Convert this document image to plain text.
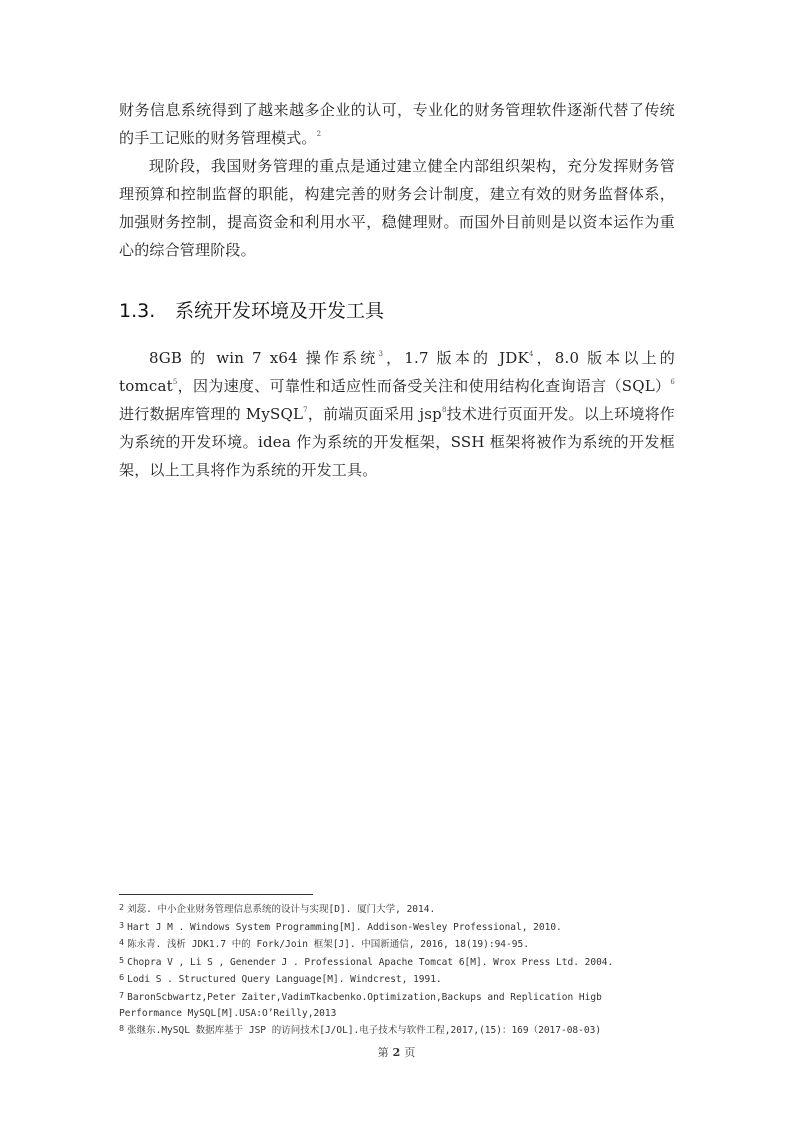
财务信息系统得到了越来越多企业的认可，专业化的财务管理软件逐渐代替了传统的手工记账的财务管理模式。$^2$

现阶段，我国财务管理的重点是通过建立健全内部组织架构，充分发挥财务管理预算和控制监督的职能，构建完善的财务会计制度，建立有效的财务监督体系，加强财务控制，提高资金和利用水平，稳健理财。而国外目前则是以资本运作为重心的综合管理阶段。

1.3. 系统开发环境及开发工具

8GB 的 win 7 x64 操作系统$^3$，1.7 版本的 JDK$^4$，8.0 版本以上的 tomcat$^5$，因为速度、可靠性和适应性而备受关注和使用结构化查询语言（SQL）$^6$进行数据库管理的 MySQL$^7$，前端页面采用 jsp$^8$技术进行页面开发。以上环境将作为系统的开发环境。idea 作为系统的开发框架，SSH 框架将被作为系统的开发框架，以上工具将作为系统的开发工具。

$^2$ 刘蕊. 中小企业财务管理信息系统的设计与实现[D]. 厦门大学, 2014.

$^3$ Hart J M . Windows System Programming[M]. Addison-Wesley Professional, 2010.

$^4$ 陈永青. 浅析 JDK1.7 中的 Fork/Join 框架[J]. 中国新通信, 2016, 18(19):94-95.

$^5$ Chopra V , Li S , Genender J . Professional Apache Tomcat 6[M]. Wrox Press Ltd. 2004.

$^6$ Lodi S . Structured Query Language[M]. Windcrest, 1991.

$^7$ BaronScbwartz,Peter Zaiter,VadimTkacbenko.Optimization,Backups and Replication Higb

Performance MySQL[M].USA:O’Reilly,2013

$^8$ 张继东.MySQL 数据库基于 JSP 的访问技术[J/OL].电子技术与软件工程,2017,(15)：169（2017-08-03)

第 2 页
